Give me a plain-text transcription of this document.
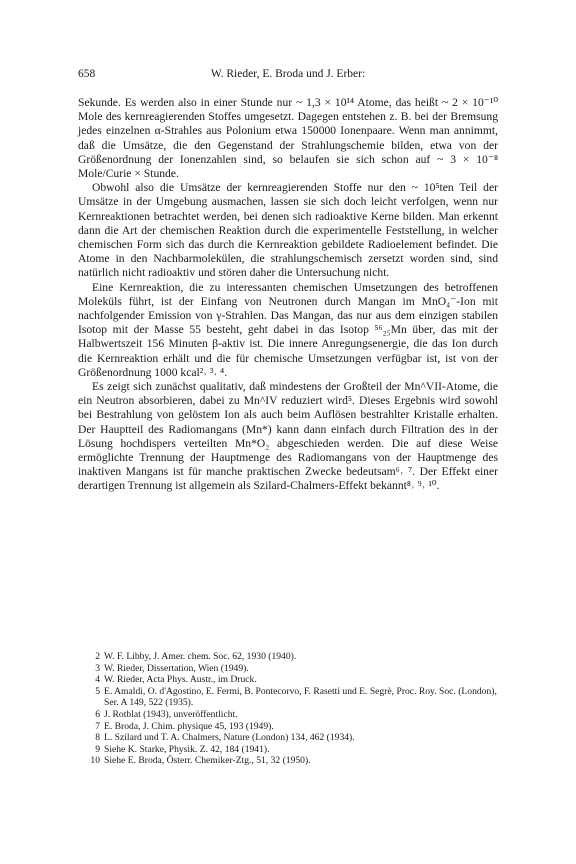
658	W. Rieder, E. Broda und J. Erber:

Sekunde. Es werden also in einer Stunde nur ~ 1,3 × 10¹⁴ Atome, das heißt ~ 2 × 10⁻¹⁰ Mole des kernreagierenden Stoffes umgesetzt. Dagegen entstehen z. B. bei der Bremsung jedes einzelnen α-Strahles aus Polonium etwa 150000 Ionenpaare. Wenn man annimmt, daß die Umsätze, die den Gegenstand der Strahlungschemie bilden, etwa von der Größenordnung der Ionenzahlen sind, so belaufen sie sich schon auf ~ 3 × 10⁻⁸ Mole/Curie × Stunde.

Obwohl also die Umsätze der kernreagierenden Stoffe nur den ~ 10⁵ten Teil der Umsätze in der Umgebung ausmachen, lassen sie sich doch leicht verfolgen, wenn nur Kernreaktionen betrachtet werden, bei denen sich radioaktive Kerne bilden. Man erkennt dann die Art der chemischen Reaktion durch die experimentelle Feststellung, in welcher chemischen Form sich das durch die Kernreaktion gebildete Radioelement befindet. Die Atome in den Nachbarmolekülen, die strahlungschemisch zersetzt worden sind, sind natürlich nicht radioaktiv und stören daher die Untersuchung nicht.

Eine Kernreaktion, die zu interessanten chemischen Umsetzungen des betroffenen Moleküls führt, ist der Einfang von Neutronen durch Mangan im MnO₄⁻-Ion mit nachfolgender Emission von γ-Strahlen. Das Mangan, das nur aus dem einzigen stabilen Isotop mit der Masse 55 besteht, geht dabei in das Isotop ⁵⁶₂₅Mn über, das mit der Halbwertszeit 156 Minuten β-aktiv ist. Die innere Anregungsenergie, die das Ion durch die Kernreaktion erhält und die für chemische Umsetzungen verfügbar ist, ist von der Größenordnung 1000 kcal²˒ ³˒ ⁴.

Es zeigt sich zunächst qualitativ, daß mindestens der Großteil der Mn^VII-Atome, die ein Neutron absorbieren, dabei zu Mn^IV reduziert wird⁵. Dieses Ergebnis wird sowohl bei Bestrahlung von gelöstem Ion als auch beim Auflösen bestrahlter Kristalle erhalten. Der Hauptteil des Radiomangans (Mn*) kann dann einfach durch Filtration des in der Lösung hochdispers verteilten Mn*O₂ abgeschieden werden. Die auf diese Weise ermöglichte Trennung der Hauptmenge des Radiomangans von der Hauptmenge des inaktiven Mangans ist für manche praktischen Zwecke bedeutsam⁶˒ ⁷. Der Effekt einer derartigen Trennung ist allgemein als Szilard-Chalmers-Effekt bekannt⁸˒ ⁹˒ ¹⁰.

2 W. F. Libby, J. Amer. chem. Soc. 62, 1930 (1940).
3 W. Rieder, Dissertation, Wien (1949).
4 W. Rieder, Acta Phys. Austr., im Druck.
5 E. Amaldi, O. d'Agostino, E. Fermi, B. Pontecorvo, F. Rasetti und E. Segrè, Proc. Roy. Soc. (London), Ser. A 149, 522 (1935).
6 J. Rotblat (1943), unveröffentlicht.
7 E. Broda, J. Chim. physique 45, 193 (1949).
8 L. Szilard und T. A. Chalmers, Nature (London) 134, 462 (1934).
9 Siehe K. Starke, Physik. Z. 42, 184 (1941).
10 Siehe E. Broda, Österr. Chemiker-Ztg., 51, 32 (1950).
